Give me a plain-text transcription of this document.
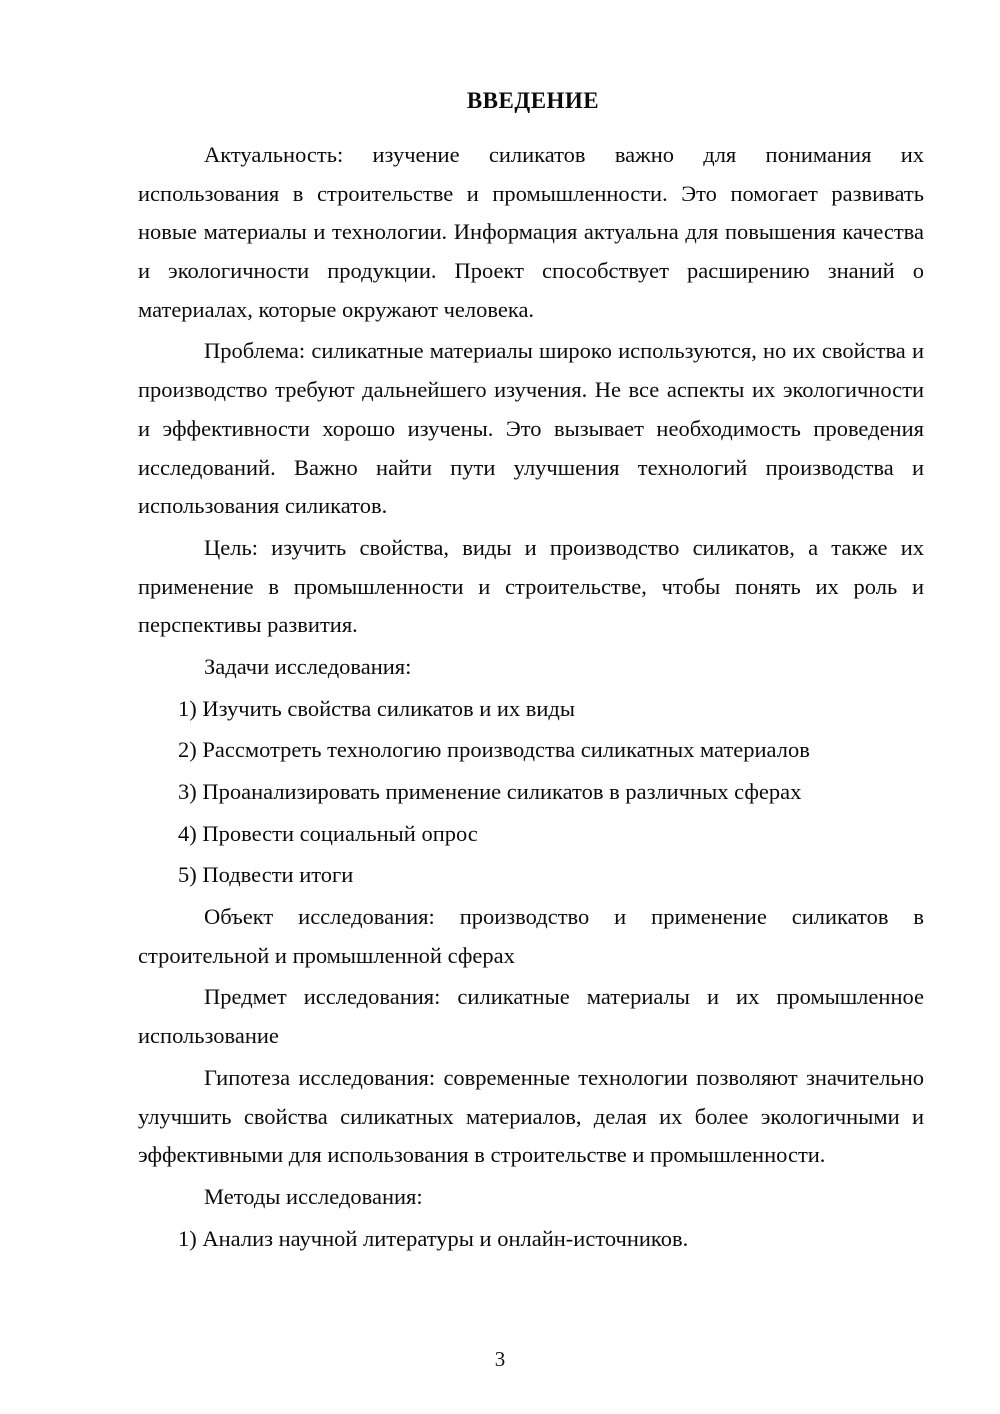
ВВЕДЕНИЕ

Актуальность: изучение силикатов важно для понимания их использования в строительстве и промышленности. Это помогает развивать новые материалы и технологии. Информация актуальна для повышения качества и экологичности продукции. Проект способствует расширению знаний о материалах, которые окружают человека.

Проблема: силикатные материалы широко используются, но их свойства и производство требуют дальнейшего изучения. Не все аспекты их экологичности и эффективности хорошо изучены. Это вызывает необходимость проведения исследований. Важно найти пути улучшения технологий производства и использования силикатов.

Цель: изучить свойства, виды и производство силикатов, а также их применение в промышленности и строительстве, чтобы понять их роль и перспективы развития.

Задачи исследования:

1) Изучить свойства силикатов и их виды

2) Рассмотреть технологию производства силикатных материалов

3) Проанализировать применение силикатов в различных сферах

4) Провести социальный опрос

5) Подвести итоги

Объект исследования: производство и применение силикатов в строительной и промышленной сферах

Предмет исследования: силикатные материалы и их промышленное использование

Гипотеза исследования: современные технологии позволяют значительно улучшить свойства силикатных материалов, делая их более экологичными и эффективными для использования в строительстве и промышленности.

Методы исследования:

1) Анализ научной литературы и онлайн-источников.

3
